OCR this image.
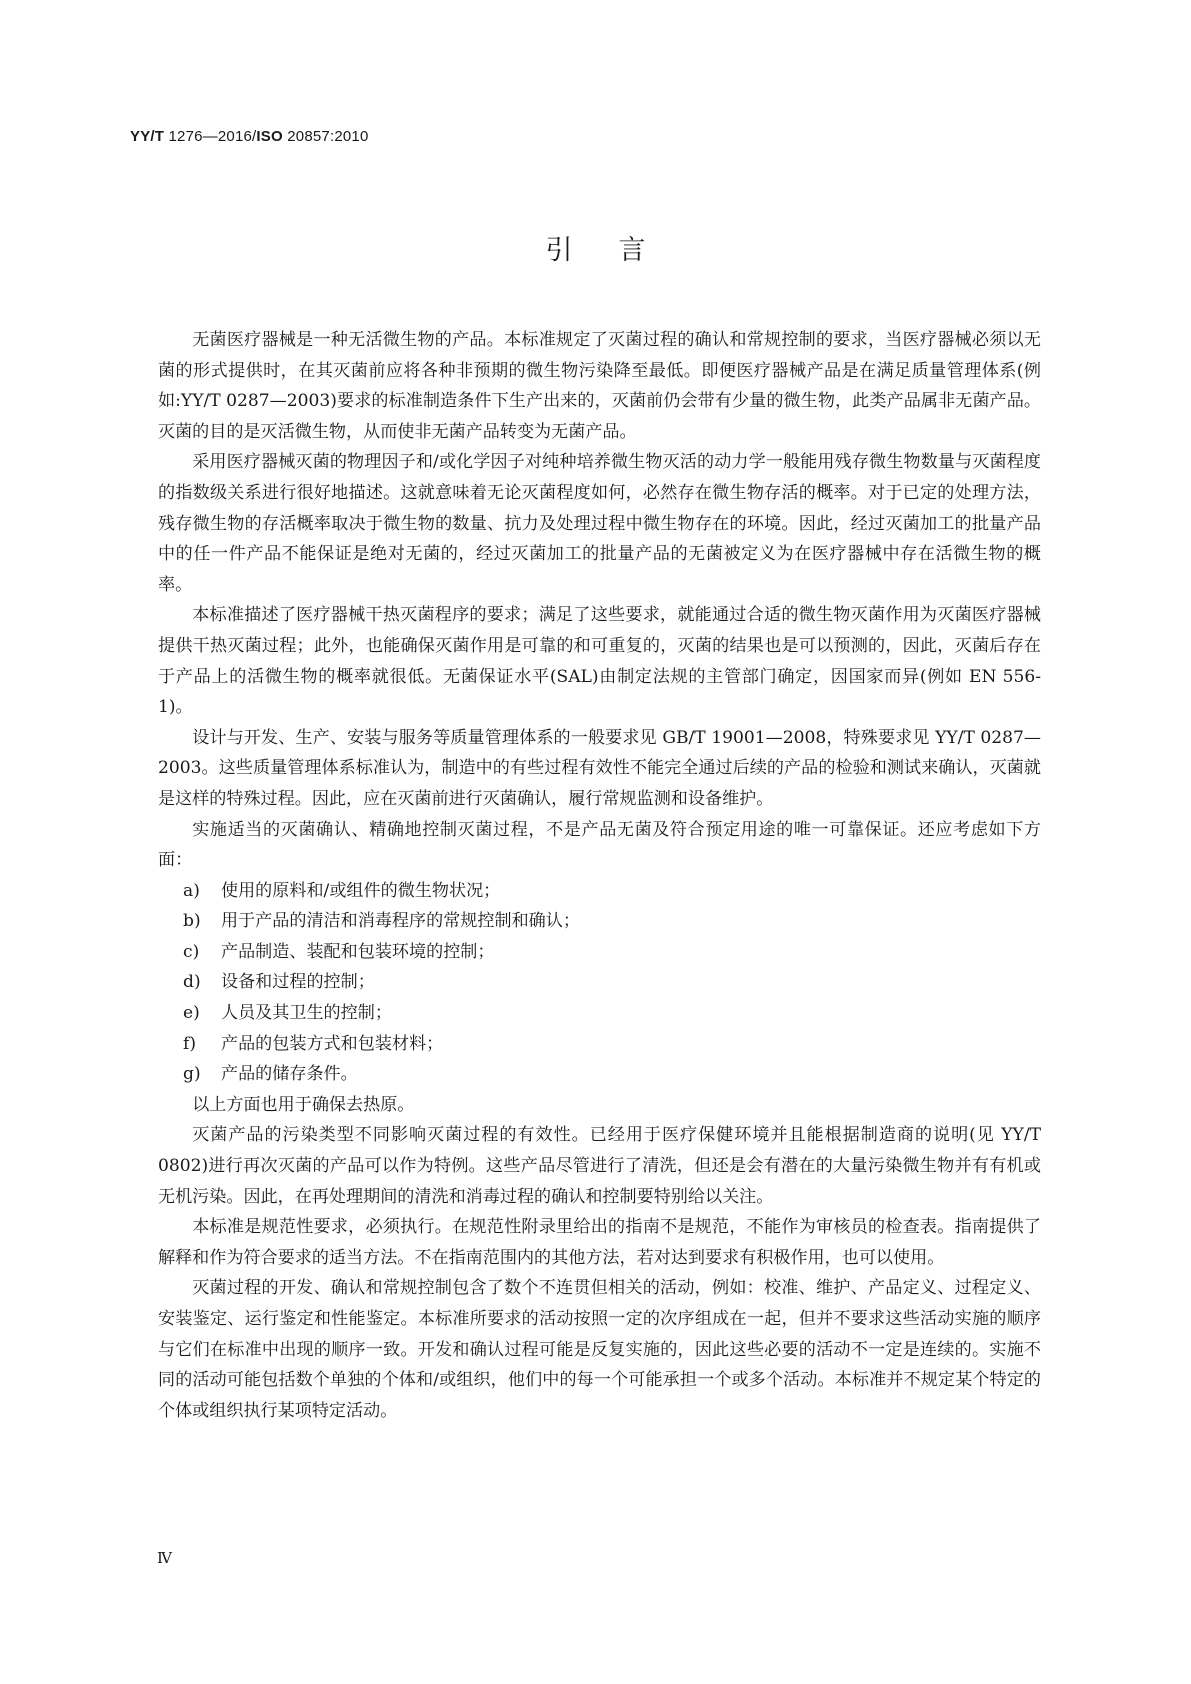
YY/T 1276—2016/ISO 20857:2010
引言

无菌医疗器械是一种无活微生物的产品。本标准规定了灭菌过程的确认和常规控制的要求，当医疗器械必须以无菌的形式提供时，在其灭菌前应将各种非预期的微生物污染降至最低。即便医疗器械产品是在满足质量管理体系(例如:YY/T 0287—2003)要求的标准制造条件下生产出来的，灭菌前仍会带有少量的微生物，此类产品属非无菌产品。灭菌的目的是灭活微生物，从而使非无菌产品转变为无菌产品。

采用医疗器械灭菌的物理因子和/或化学因子对纯种培养微生物灭活的动力学一般能用残存微生物数量与灭菌程度的指数级关系进行很好地描述。这就意味着无论灭菌程度如何，必然存在微生物存活的概率。对于已定的处理方法，残存微生物的存活概率取决于微生物的数量、抗力及处理过程中微生物存在的环境。因此，经过灭菌加工的批量产品中的任一件产品不能保证是绝对无菌的，经过灭菌加工的批量产品的无菌被定义为在医疗器械中存在活微生物的概率。

本标准描述了医疗器械干热灭菌程序的要求；满足了这些要求，就能通过合适的微生物灭菌作用为灭菌医疗器械提供干热灭菌过程；此外，也能确保灭菌作用是可靠的和可重复的，灭菌的结果也是可以预测的，因此，灭菌后存在于产品上的活微生物的概率就很低。无菌保证水平(SAL)由制定法规的主管部门确定，因国家而异(例如 EN 556-1)。

设计与开发、生产、安装与服务等质量管理体系的一般要求见 GB/T 19001—2008，特殊要求见 YY/T 0287—2003。这些质量管理体系标准认为，制造中的有些过程有效性不能完全通过后续的产品的检验和测试来确认，灭菌就是这样的特殊过程。因此，应在灭菌前进行灭菌确认，履行常规监测和设备维护。

实施适当的灭菌确认、精确地控制灭菌过程，不是产品无菌及符合预定用途的唯一可靠保证。还应考虑如下方面：

a) 使用的原料和/或组件的微生物状况；
b) 用于产品的清洁和消毒程序的常规控制和确认；
c) 产品制造、装配和包装环境的控制；
d) 设备和过程的控制；
e) 人员及其卫生的控制；
f) 产品的包装方式和包装材料；
g) 产品的储存条件。

以上方面也用于确保去热原。

灭菌产品的污染类型不同影响灭菌过程的有效性。已经用于医疗保健环境并且能根据制造商的说明(见 YY/T 0802)进行再次灭菌的产品可以作为特例。这些产品尽管进行了清洗，但还是会有潜在的大量污染微生物并有有机或无机污染。因此，在再处理期间的清洗和消毒过程的确认和控制要特别给以关注。

本标准是规范性要求，必须执行。在规范性附录里给出的指南不是规范，不能作为审核员的检查表。指南提供了解释和作为符合要求的适当方法。不在指南范围内的其他方法，若对达到要求有积极作用，也可以使用。

灭菌过程的开发、确认和常规控制包含了数个不连贯但相关的活动，例如：校准、维护、产品定义、过程定义、安装鉴定、运行鉴定和性能鉴定。本标准所要求的活动按照一定的次序组成在一起，但并不要求这些活动实施的顺序与它们在标准中出现的顺序一致。开发和确认过程可能是反复实施的，因此这些必要的活动不一定是连续的。实施不同的活动可能包括数个单独的个体和/或组织，他们中的每一个可能承担一个或多个活动。本标准并不规定某个特定的个体或组织执行某项特定活动。

Ⅳ
